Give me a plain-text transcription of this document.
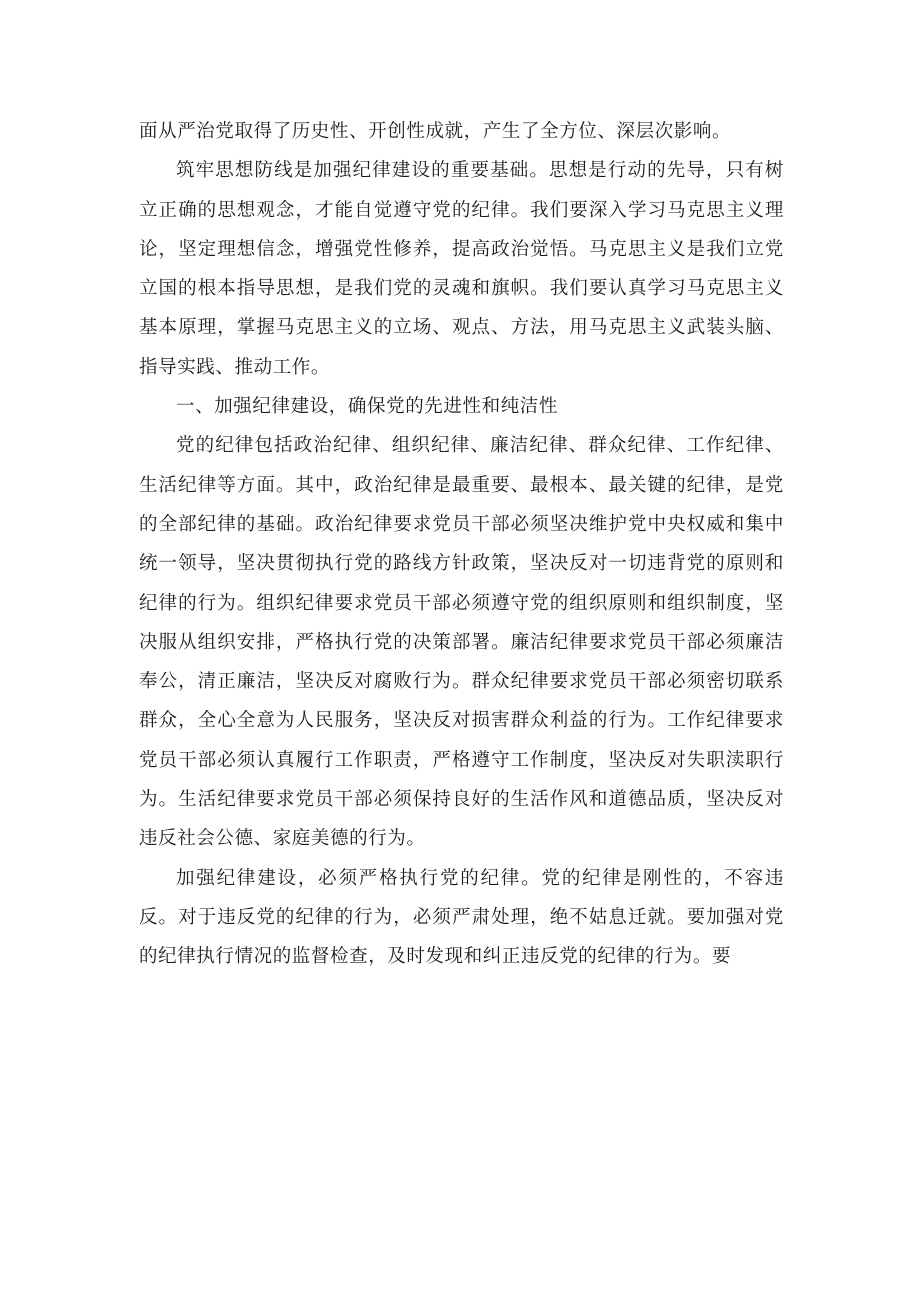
面从严治党取得了历史性、开创性成就，产生了全方位、深层次影响。

筑牢思想防线是加强纪律建设的重要基础。思想是行动的先导，只有树立正确的思想观念，才能自觉遵守党的纪律。我们要深入学习马克思主义理论，坚定理想信念，增强党性修养，提高政治觉悟。马克思主义是我们立党立国的根本指导思想，是我们党的灵魂和旗帜。我们要认真学习马克思主义基本原理，掌握马克思主义的立场、观点、方法，用马克思主义武装头脑、指导实践、推动工作。

一、加强纪律建设，确保党的先进性和纯洁性

党的纪律包括政治纪律、组织纪律、廉洁纪律、群众纪律、工作纪律、生活纪律等方面。其中，政治纪律是最重要、最根本、最关键的纪律，是党的全部纪律的基础。政治纪律要求党员干部必须坚决维护党中央权威和集中统一领导，坚决贯彻执行党的路线方针政策，坚决反对一切违背党的原则和纪律的行为。组织纪律要求党员干部必须遵守党的组织原则和组织制度，坚决服从组织安排，严格执行党的决策部署。廉洁纪律要求党员干部必须廉洁奉公，清正廉洁，坚决反对腐败行为。群众纪律要求党员干部必须密切联系群众，全心全意为人民服务，坚决反对损害群众利益的行为。工作纪律要求党员干部必须认真履行工作职责，严格遵守工作制度，坚决反对失职渎职行为。生活纪律要求党员干部必须保持良好的生活作风和道德品质，坚决反对违反社会公德、家庭美德的行为。

加强纪律建设，必须严格执行党的纪律。党的纪律是刚性的，不容违反。对于违反党的纪律的行为，必须严肃处理，绝不姑息迁就。要加强对党的纪律执行情况的监督检查，及时发现和纠正违反党的纪律的行为。要
